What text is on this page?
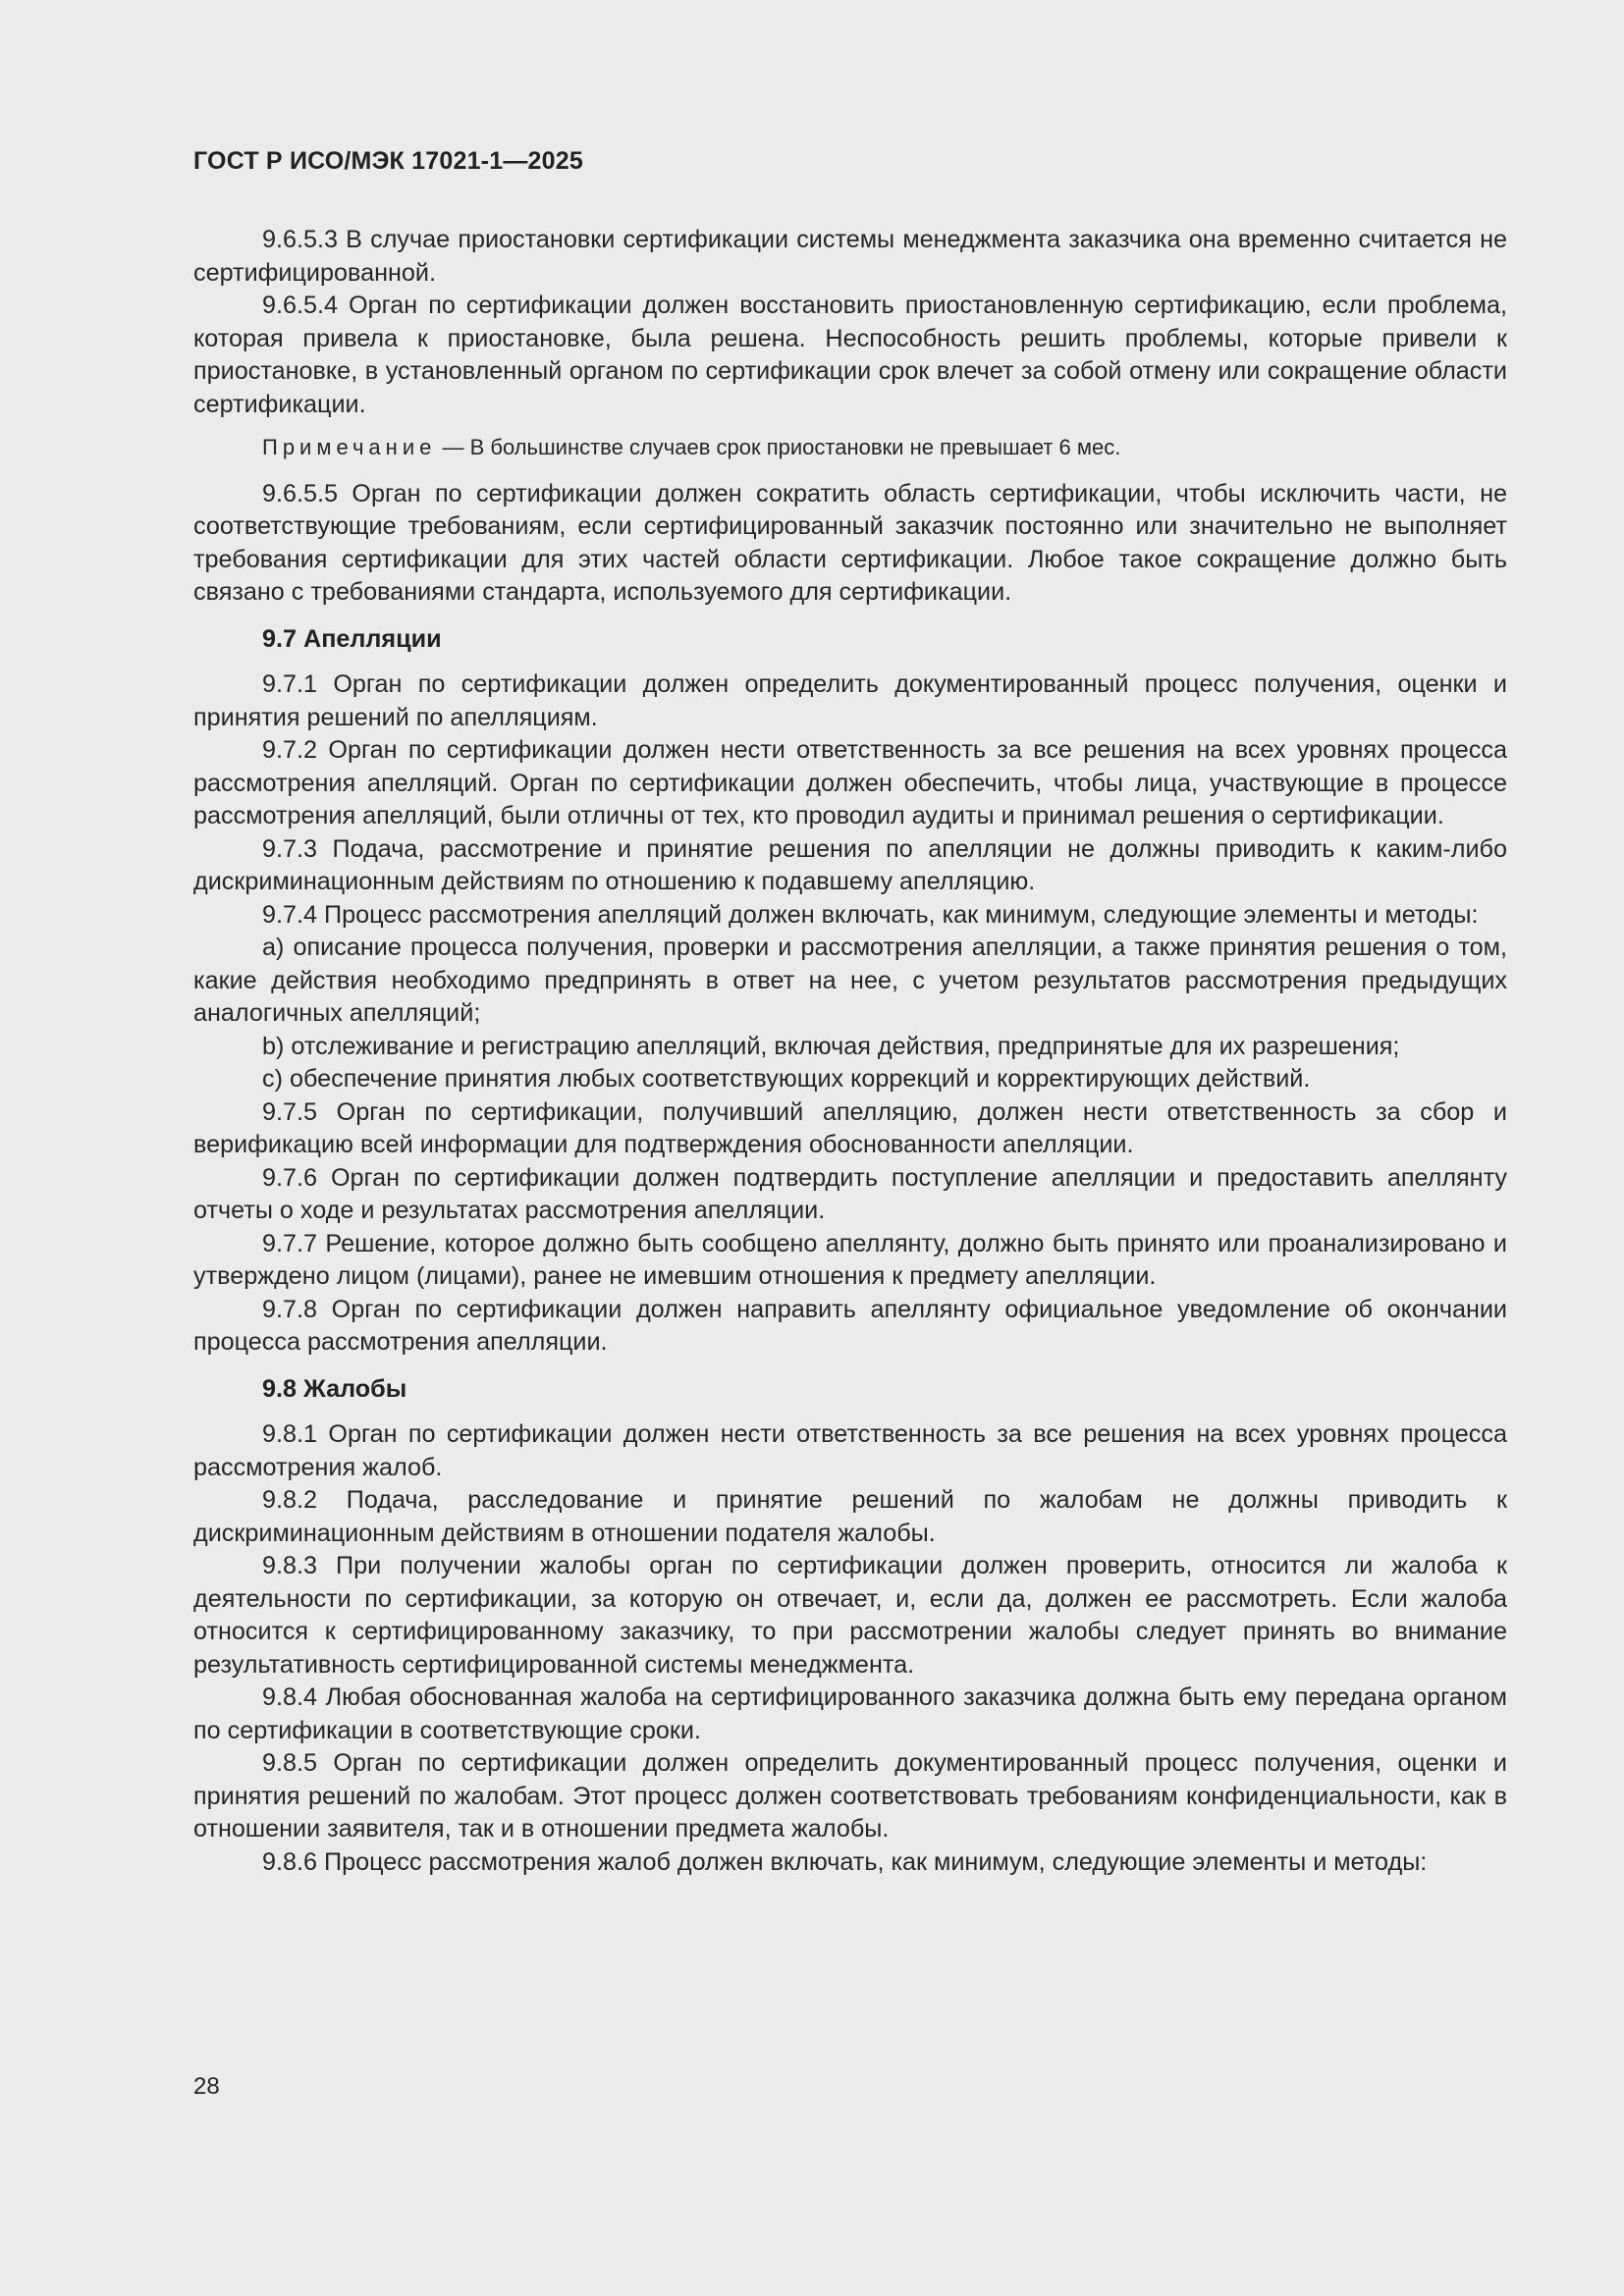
ГОСТ Р ИСО/МЭК 17021-1—2025

9.6.5.3 В случае приостановки сертификации системы менеджмента заказчика она временно считается не сертифицированной.

9.6.5.4 Орган по сертификации должен восстановить приостановленную сертификацию, если проблема, которая привела к приостановке, была решена. Неспособность решить проблемы, которые привели к приостановке, в установленный органом по сертификации срок влечет за собой отмену или сокращение области сертификации.

Примечание — В большинстве случаев срок приостановки не превышает 6 мес.

9.6.5.5 Орган по сертификации должен сократить область сертификации, чтобы исключить части, не соответствующие требованиям, если сертифицированный заказчик постоянно или значительно не выполняет требования сертификации для этих частей области сертификации. Любое такое сокращение должно быть связано с требованиями стандарта, используемого для сертификации.

9.7 Апелляции

9.7.1 Орган по сертификации должен определить документированный процесс получения, оценки и принятия решений по апелляциям.

9.7.2 Орган по сертификации должен нести ответственность за все решения на всех уровнях процесса рассмотрения апелляций. Орган по сертификации должен обеспечить, чтобы лица, участвующие в процессе рассмотрения апелляций, были отличны от тех, кто проводил аудиты и принимал решения о сертификации.

9.7.3 Подача, рассмотрение и принятие решения по апелляции не должны приводить к каким-либо дискриминационным действиям по отношению к подавшему апелляцию.

9.7.4 Процесс рассмотрения апелляций должен включать, как минимум, следующие элементы и методы:

a) описание процесса получения, проверки и рассмотрения апелляции, а также принятия решения о том, какие действия необходимо предпринять в ответ на нее, с учетом результатов рассмотрения предыдущих аналогичных апелляций;

b) отслеживание и регистрацию апелляций, включая действия, предпринятые для их разрешения;

c) обеспечение принятия любых соответствующих коррекций и корректирующих действий.

9.7.5 Орган по сертификации, получивший апелляцию, должен нести ответственность за сбор и верификацию всей информации для подтверждения обоснованности апелляции.

9.7.6 Орган по сертификации должен подтвердить поступление апелляции и предоставить апеллянту отчеты о ходе и результатах рассмотрения апелляции.

9.7.7 Решение, которое должно быть сообщено апеллянту, должно быть принято или проанализировано и утверждено лицом (лицами), ранее не имевшим отношения к предмету апелляции.

9.7.8 Орган по сертификации должен направить апеллянту официальное уведомление об окончании процесса рассмотрения апелляции.

9.8 Жалобы

9.8.1 Орган по сертификации должен нести ответственность за все решения на всех уровнях процесса рассмотрения жалоб.

9.8.2 Подача, расследование и принятие решений по жалобам не должны приводить к дискриминационным действиям в отношении подателя жалобы.

9.8.3 При получении жалобы орган по сертификации должен проверить, относится ли жалоба к деятельности по сертификации, за которую он отвечает, и, если да, должен ее рассмотреть. Если жалоба относится к сертифицированному заказчику, то при рассмотрении жалобы следует принять во внимание результативность сертифицированной системы менеджмента.

9.8.4 Любая обоснованная жалоба на сертифицированного заказчика должна быть ему передана органом по сертификации в соответствующие сроки.

9.8.5 Орган по сертификации должен определить документированный процесс получения, оценки и принятия решений по жалобам. Этот процесс должен соответствовать требованиям конфиденциальности, как в отношении заявителя, так и в отношении предмета жалобы.

9.8.6 Процесс рассмотрения жалоб должен включать, как минимум, следующие элементы и методы:

28
